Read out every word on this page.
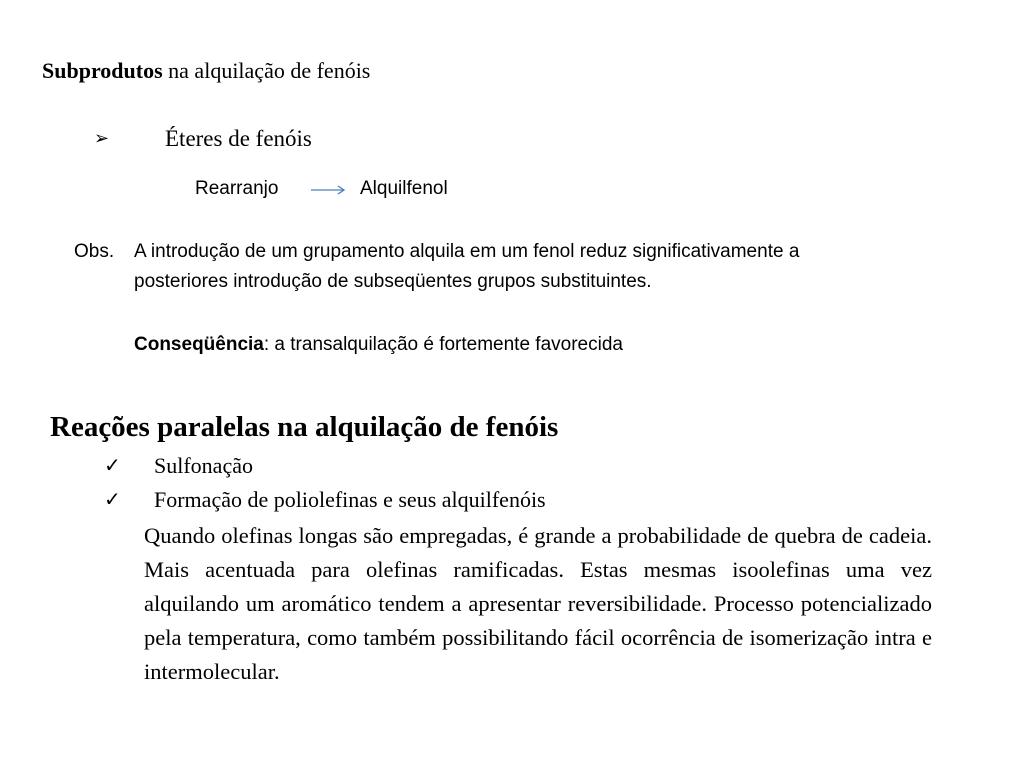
Subprodutos na alquilação de fenóis
➢ Éteres de fenóis
Rearranjo	Alquilfenol
Obs. A introdução de um grupamento alquila em um fenol reduz significativamente a
posteriores introdução de subseqüentes grupos substituintes.
Conseqüência: a transalquilação é fortemente favorecida
Reações paralelas na alquilação de fenóis
✓ Sulfonação
✓ Formação de poliolefinas e seus alquilfenóis
Quando olefinas longas são empregadas, é grande a probabilidade de quebra de cadeia. Mais acentuada para olefinas ramificadas. Estas mesmas isoolefinas uma vez alquilando um aromático tendem a apresentar reversibilidade. Processo potencializado pela temperatura, como também possibilitando fácil ocorrência de isomerização intra e intermolecular.
